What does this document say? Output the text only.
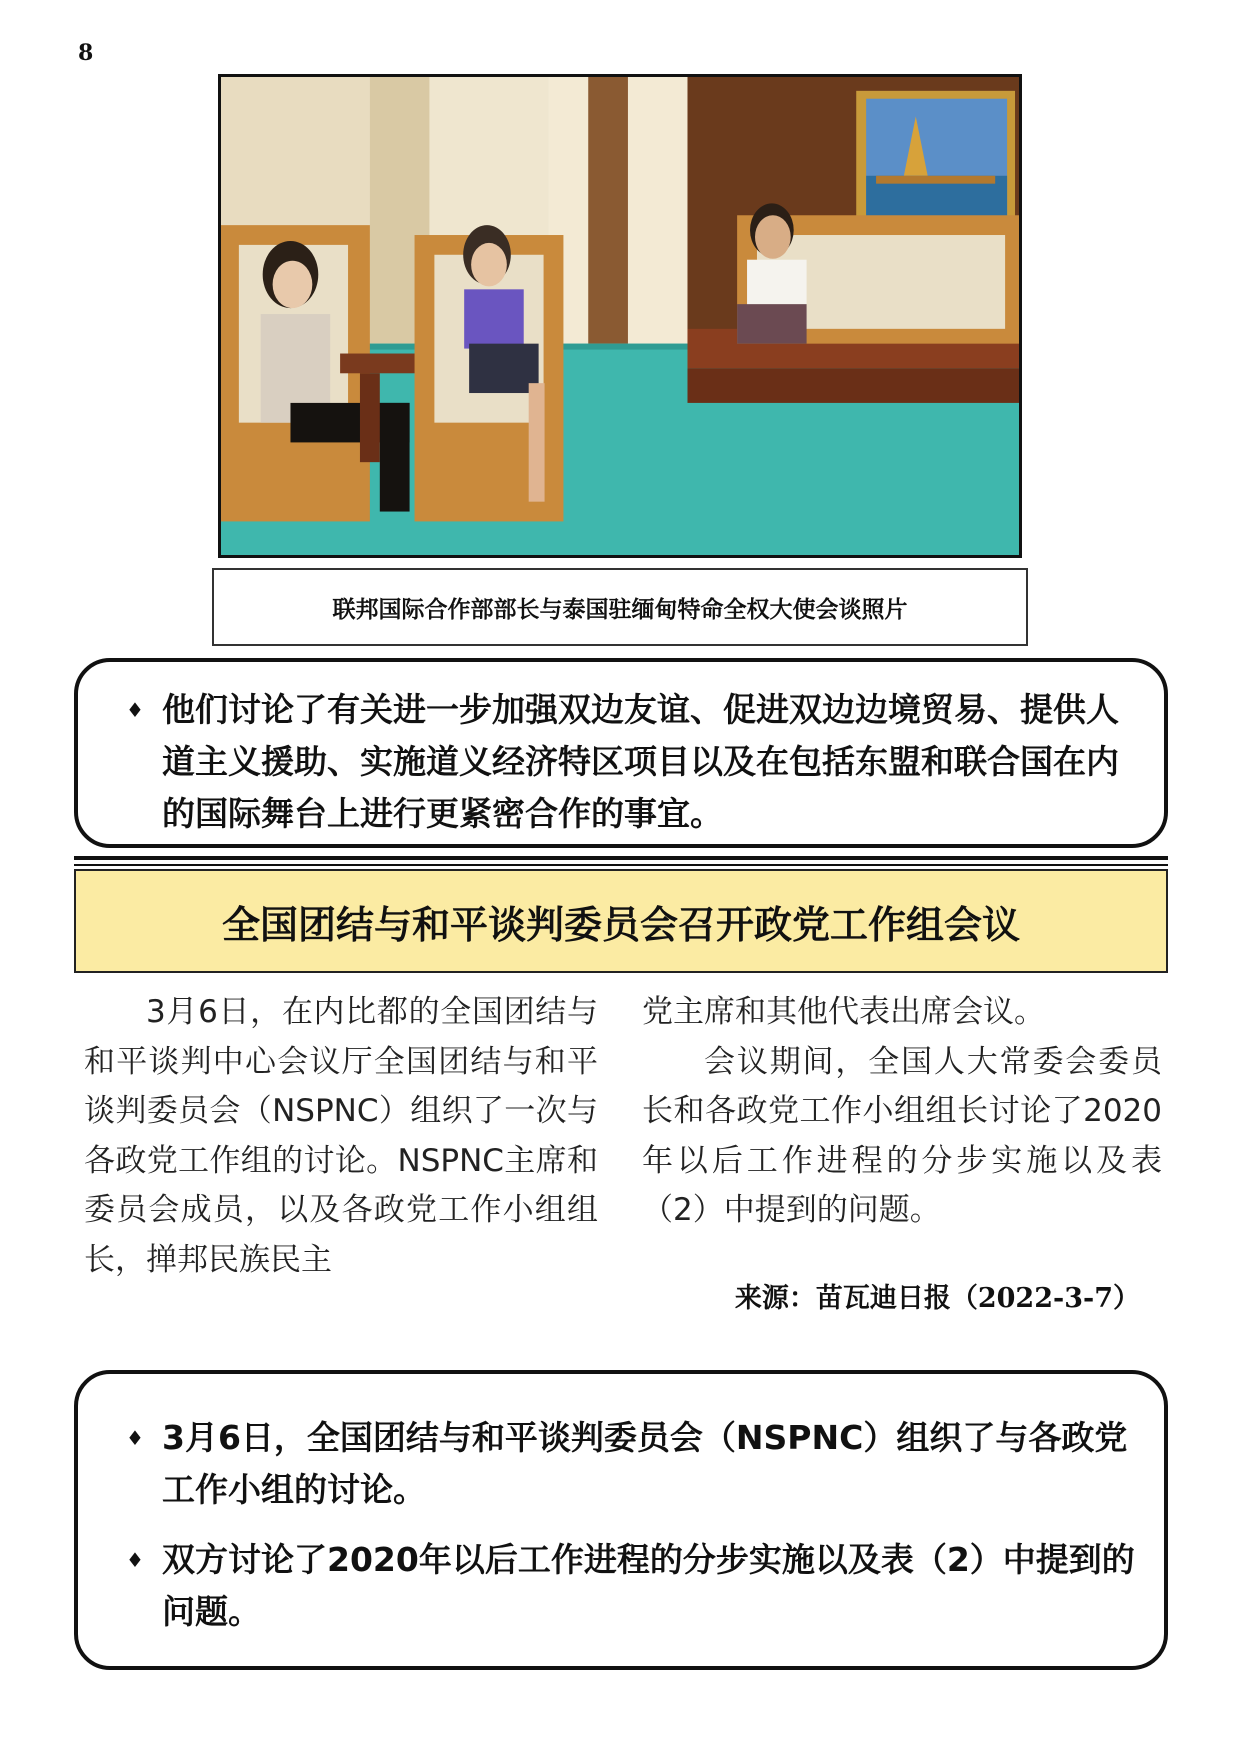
8
联邦国际合作部部长与泰国驻缅甸特命全权大使会谈照片
♦ 他们讨论了有关进一步加强双边友谊、促进双边边境贸易、提供人道主义援助、实施道义经济特区项目以及在包括东盟和联合国在内的国际舞台上进行更紧密合作的事宜。
全国团结与和平谈判委员会召开政党工作组会议

3月6日，在内比都的全国团结与和平谈判中心会议厅全国团结与和平谈判委员会（NSPNC）组织了一次与各政党工作组的讨论。NSPNC主席和委员会成员，以及各政党工作小组组长，掸邦民族民主

党主席和其他代表出席会议。

会议期间，全国人大常委会委员长和各政党工作小组组长讨论了2020年以后工作进程的分步实施以及表（2）中提到的问题。

来源：苗瓦迪日报（2022-3-7）
♦ 3月6日，全国团结与和平谈判委员会（NSPNC）组织了与各政党工作小组的讨论。
♦ 双方讨论了2020年以后工作进程的分步实施以及表（2）中提到的问题。
